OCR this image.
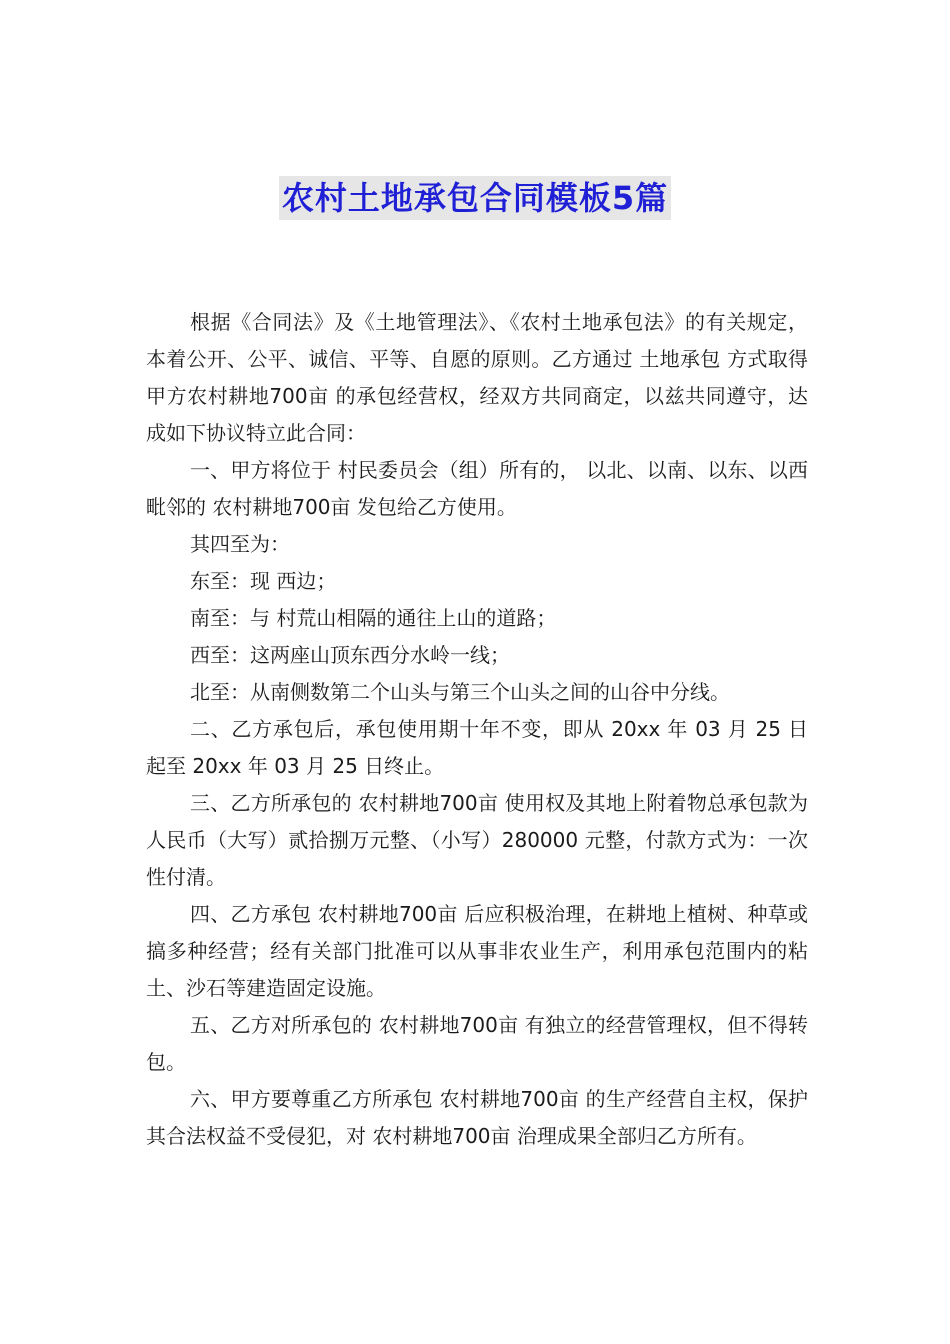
农村土地承包合同模板5篇

根据《合同法》及《土地管理法》、《农村土地承包法》的有关规定，本着公开、公平、诚信、平等、自愿的原则。乙方通过 土地承包 方式取得甲方农村耕地700亩 的承包经营权，经双方共同商定，以兹共同遵守，达成如下协议特立此合同：

一、甲方将位于 村民委员会（组）所有的， 以北、以南、以东、以西毗邻的 农村耕地700亩 发包给乙方使用。

其四至为：

东至：现 西边；

南至：与 村荒山相隔的通往上山的道路；

西至：这两座山顶东西分水岭一线；

北至：从南侧数第二个山头与第三个山头之间的山谷中分线。

二、乙方承包后，承包使用期十年不变，即从 20xx 年 03 月 25 日起至 20xx 年 03 月 25 日终止。

三、乙方所承包的 农村耕地700亩 使用权及其地上附着物总承包款为人民币（大写）贰拾捌万元整、（小写）280000 元整，付款方式为：一次性付清。

四、乙方承包 农村耕地700亩 后应积极治理，在耕地上植树、种草或搞多种经营；经有关部门批准可以从事非农业生产，利用承包范围内的粘土、沙石等建造固定设施。

五、乙方对所承包的 农村耕地700亩 有独立的经营管理权，但不得转包。

六、甲方要尊重乙方所承包 农村耕地700亩 的生产经营自主权，保护其合法权益不受侵犯，对 农村耕地700亩 治理成果全部归乙方所有。
